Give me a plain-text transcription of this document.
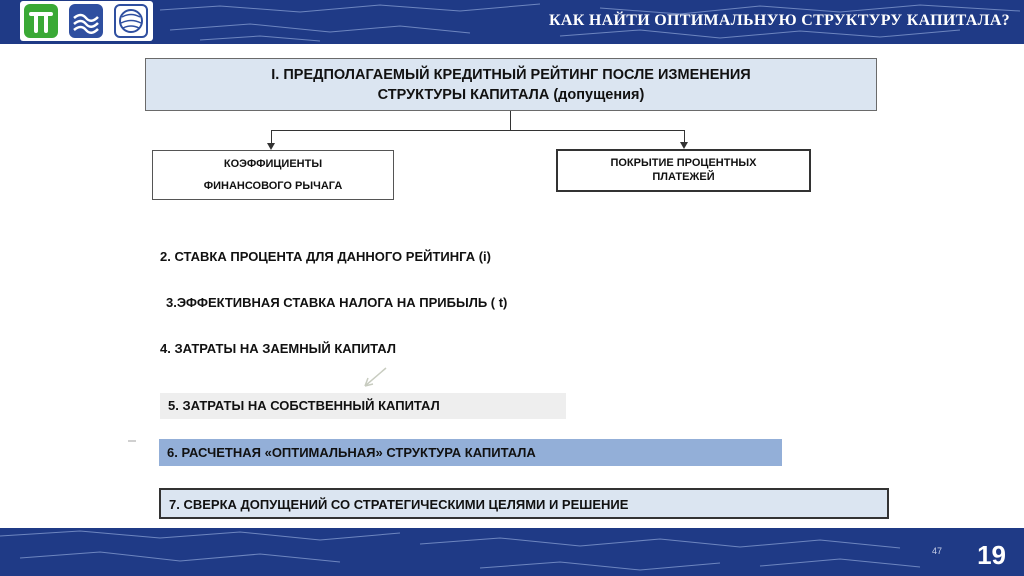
КАК НАЙТИ ОПТИМАЛЬНУЮ СТРУКТУРУ КАПИТАЛА?
I. ПРЕДПОЛАГАЕМЫЙ КРЕДИТНЫЙ РЕЙТИНГ ПОСЛЕ ИЗМЕНЕНИЯ
СТРУКТУРЫ КАПИТАЛА (допущения)
КОЭФФИЦИЕНТЫ
ФИНАНСОВОГО РЫЧАГА
ПОКРЫТИЕ ПРОЦЕНТНЫХ
ПЛАТЕЖЕЙ
2. СТАВКА ПРОЦЕНТА ДЛЯ ДАННОГО РЕЙТИНГА (i)
3.ЭФФЕКТИВНАЯ СТАВКА НАЛОГА НА ПРИБЫЛЬ ( t)
4. ЗАТРАТЫ НА ЗАЕМНЫЙ КАПИТАЛ
5. ЗАТРАТЫ НА СОБСТВЕННЫЙ КАПИТАЛ
6. РАСЧЕТНАЯ «ОПТИМАЛЬНАЯ» СТРУКТУРА КАПИТАЛА
7. СВЕРКА ДОПУЩЕНИЙ СО СТРАТЕГИЧЕСКИМИ ЦЕЛЯМИ И РЕШЕНИЕ
47 19
